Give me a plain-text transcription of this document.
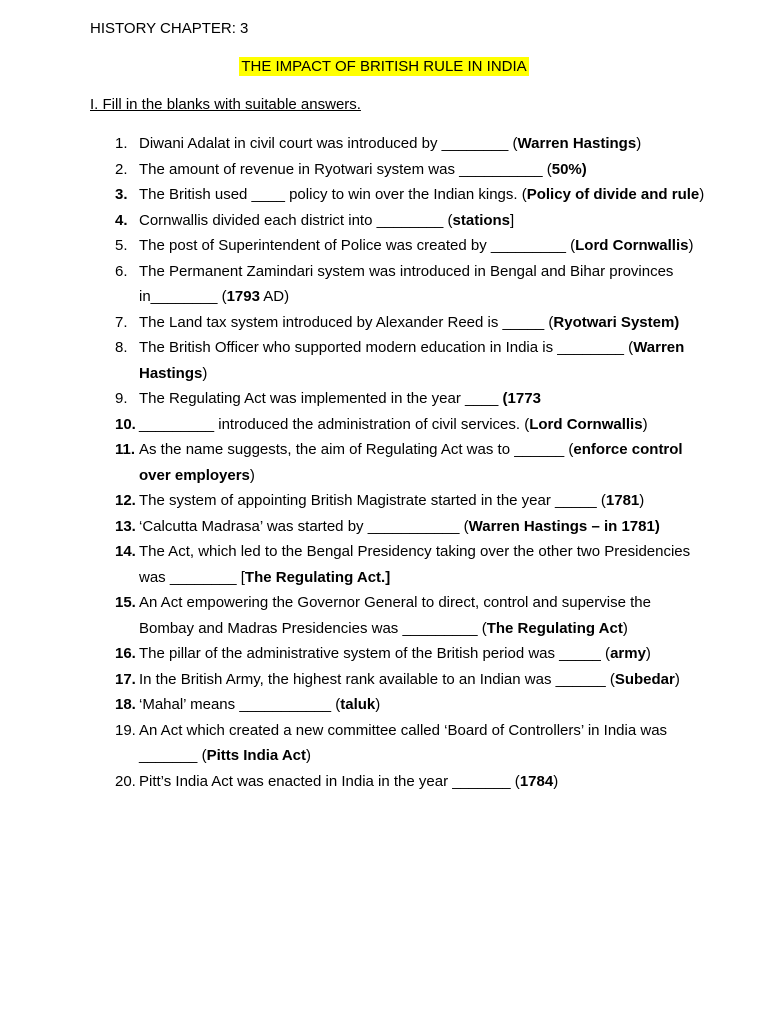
HISTORY CHAPTER: 3
THE IMPACT OF BRITISH RULE IN INDIA
I. Fill in the blanks with suitable answers.
1. Diwani Adalat in civil court was introduced by ________ (Warren Hastings)
2. The amount of revenue in Ryotwari system was __________ (50%)
3. The British used ____ policy to win over the Indian kings. (Policy of divide and rule)
4. Cornwallis divided each district into ________ (stations]
5. The post of Superintendent of Police was created by _________ (Lord Cornwallis)
6. The Permanent Zamindari system was introduced in Bengal and Bihar provinces in________ (1793 AD)
7. The Land tax system introduced by Alexander Reed is _____ (Ryotwari System)
8. The British Officer who supported modern education in India is ________ (Warren Hastings)
9. The Regulating Act was implemented in the year ____ (1773
10. _________ introduced the administration of civil services. (Lord Cornwallis)
11. As the name suggests, the aim of Regulating Act was to ______ (enforce control over employers)
12. The system of appointing British Magistrate started in the year _____ (1781)
13. ‘Calcutta Madrasa’ was started by ___________ (Warren Hastings – in 1781)
14. The Act, which led to the Bengal Presidency taking over the other two Presidencies was ________ [The Regulating Act.]
15. An Act empowering the Governor General to direct, control and supervise the Bombay and Madras Presidencies was _________ (The Regulating Act)
16. The pillar of the administrative system of the British period was _____ (army)
17. In the British Army, the highest rank available to an Indian was ______ (Subedar)
18. ‘Mahal’ means ___________ (taluk)
19. An Act which created a new committee called ‘Board of Controllers’ in India was _______ (Pitts India Act)
20. Pitt’s India Act was enacted in India in the year _______ (1784)
